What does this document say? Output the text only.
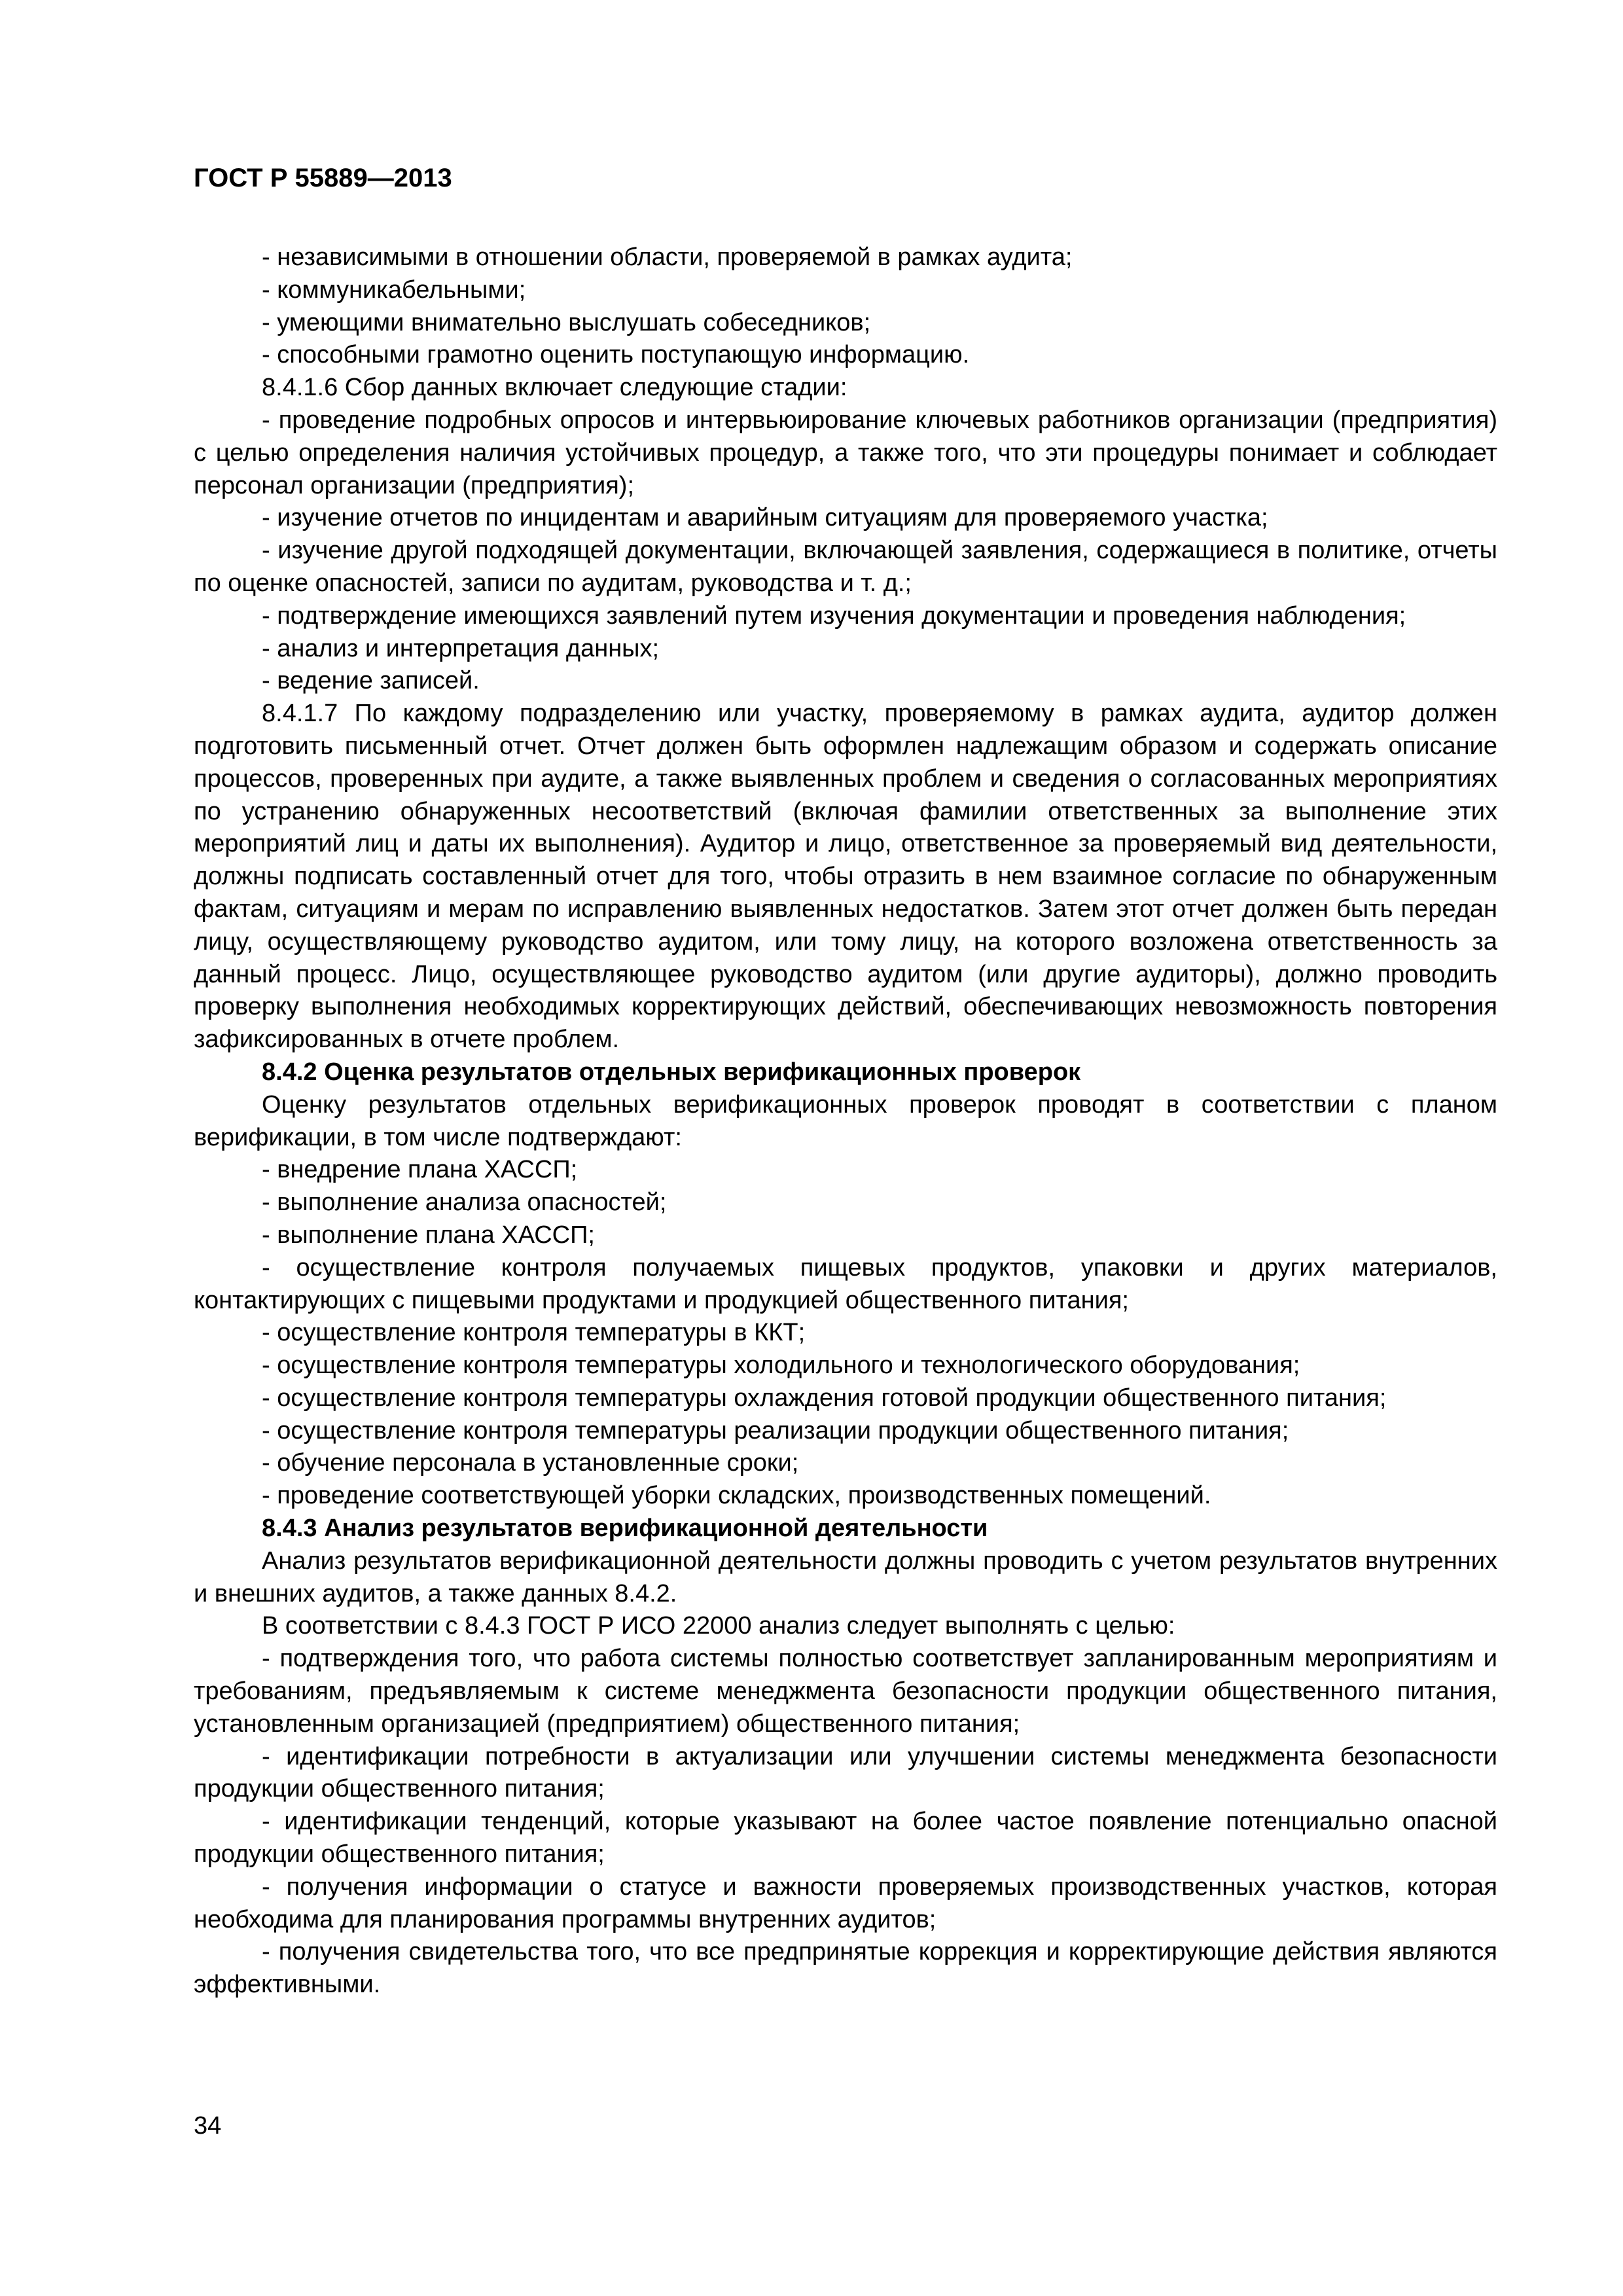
ГОСТ Р 55889—2013

- независимыми в отношении области, проверяемой в рамках аудита;

- коммуникабельными;

- умеющими внимательно выслушать собеседников;

- способными грамотно оценить поступающую информацию.

8.4.1.6 Сбор данных включает следующие стадии:

- проведение подробных опросов и интервьюирование ключевых работников организации (предприятия) с целью определения наличия устойчивых процедур, а также того, что эти процедуры понимает и соблюдает персонал организации (предприятия);

- изучение отчетов по инцидентам и аварийным ситуациям для проверяемого участка;

- изучение другой подходящей документации, включающей заявления, содержащиеся в политике, отчеты по оценке опасностей, записи по аудитам, руководства и т. д.;

- подтверждение имеющихся заявлений путем изучения документации и проведения наблюдения;

- анализ и интерпретация данных;

- ведение записей.

8.4.1.7 По каждому подразделению или участку, проверяемому в рамках аудита, аудитор должен подготовить письменный отчет. Отчет должен быть оформлен надлежащим образом и содержать описание процессов, проверенных при аудите, а также выявленных проблем и сведения о согласованных мероприятиях по устранению обнаруженных несоответствий (включая фамилии ответственных за выполнение этих мероприятий лиц и даты их выполнения). Аудитор и лицо, ответственное за проверяемый вид деятельности, должны подписать составленный отчет для того, чтобы отразить в нем взаимное согласие по обнаруженным фактам, ситуациям и мерам по исправлению выявленных недостатков. Затем этот отчет должен быть передан лицу, осуществляющему руководство аудитом, или тому лицу, на которого возложена ответственность за данный процесс. Лицо, осуществляющее руководство аудитом (или другие аудиторы), должно проводить проверку выполнения необходимых корректирующих действий, обеспечивающих невозможность повторения зафиксированных в отчете проблем.

8.4.2 Оценка результатов отдельных верификационных проверок

Оценку результатов отдельных верификационных проверок проводят в соответствии с планом верификации, в том числе подтверждают:

- внедрение плана ХАССП;

- выполнение анализа опасностей;

- выполнение плана ХАССП;

- осуществление контроля получаемых пищевых продуктов, упаковки и других материалов, контактирующих с пищевыми продуктами и продукцией общественного питания;

- осуществление контроля температуры в ККТ;

- осуществление контроля температуры холодильного и технологического оборудования;

- осуществление контроля температуры охлаждения готовой продукции общественного питания;

- осуществление контроля температуры реализации продукции общественного питания;

- обучение персонала в установленные сроки;

- проведение соответствующей уборки складских, производственных помещений.

8.4.3 Анализ результатов верификационной деятельности

Анализ результатов верификационной деятельности должны проводить с учетом результатов внутренних и внешних аудитов, а также данных 8.4.2.

В соответствии с 8.4.3 ГОСТ Р ИСО 22000 анализ следует выполнять с целью:

- подтверждения того, что работа системы полностью соответствует запланированным мероприятиям и требованиям, предъявляемым к системе менеджмента безопасности продукции общественного питания, установленным организацией (предприятием) общественного питания;

- идентификации потребности в актуализации или улучшении системы менеджмента безопасности продукции общественного питания;

- идентификации тенденций, которые указывают на более частое появление потенциально опасной продукции общественного питания;

- получения информации о статусе и важности проверяемых производственных участков, которая необходима для планирования программы внутренних аудитов;

- получения свидетельства того, что все предпринятые коррекция и корректирующие действия являются эффективными.

34
